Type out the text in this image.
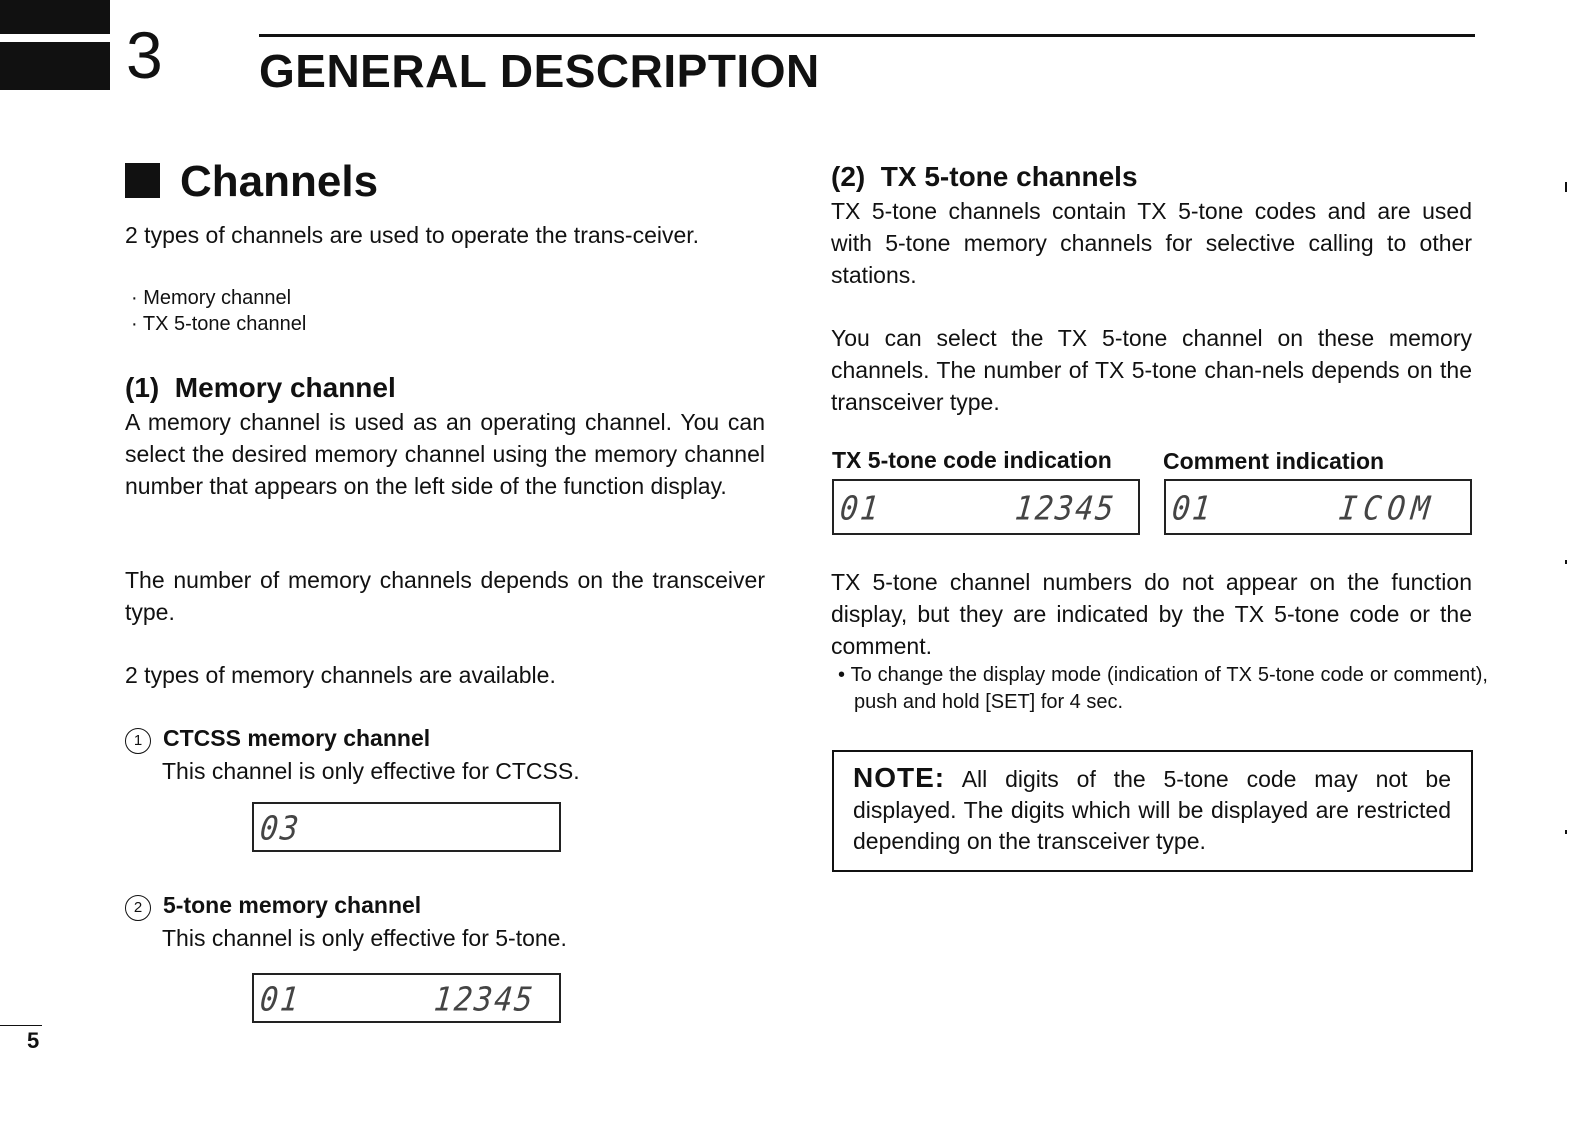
3 GENERAL DESCRIPTION
Channels
2 types of channels are used to operate the trans-ceiver.
· Memory channel
· TX 5-tone channel
(1) Memory channel
A memory channel is used as an operating channel. You can select the desired memory channel using the memory channel number that appears on the left side of the function display.
The number of memory channels depends on the transceiver type.
2 types of memory channels are available.
1 CTCSS memory channel
This channel is only effective for CTCSS.
03
2 5-tone memory channel
This channel is only effective for 5-tone.
01	12345
(2) TX 5-tone channels
TX 5-tone channels contain TX 5-tone codes and are used with 5-tone memory channels for selective calling to other stations.
You can select the TX 5-tone channel on these memory channels. The number of TX 5-tone chan-nels depends on the transceiver type.
TX 5-tone code indication Comment indication
01	12345 01	ICOM
TX 5-tone channel numbers do not appear on the function display, but they are indicated by the TX 5-tone code or the comment.
• To change the display mode (indication of TX 5-tone code or comment), push and hold [SET] for 4 sec.
NOTE: All digits of the 5-tone code may not be displayed. The digits which will be displayed are restricted depending on the transceiver type.
5
